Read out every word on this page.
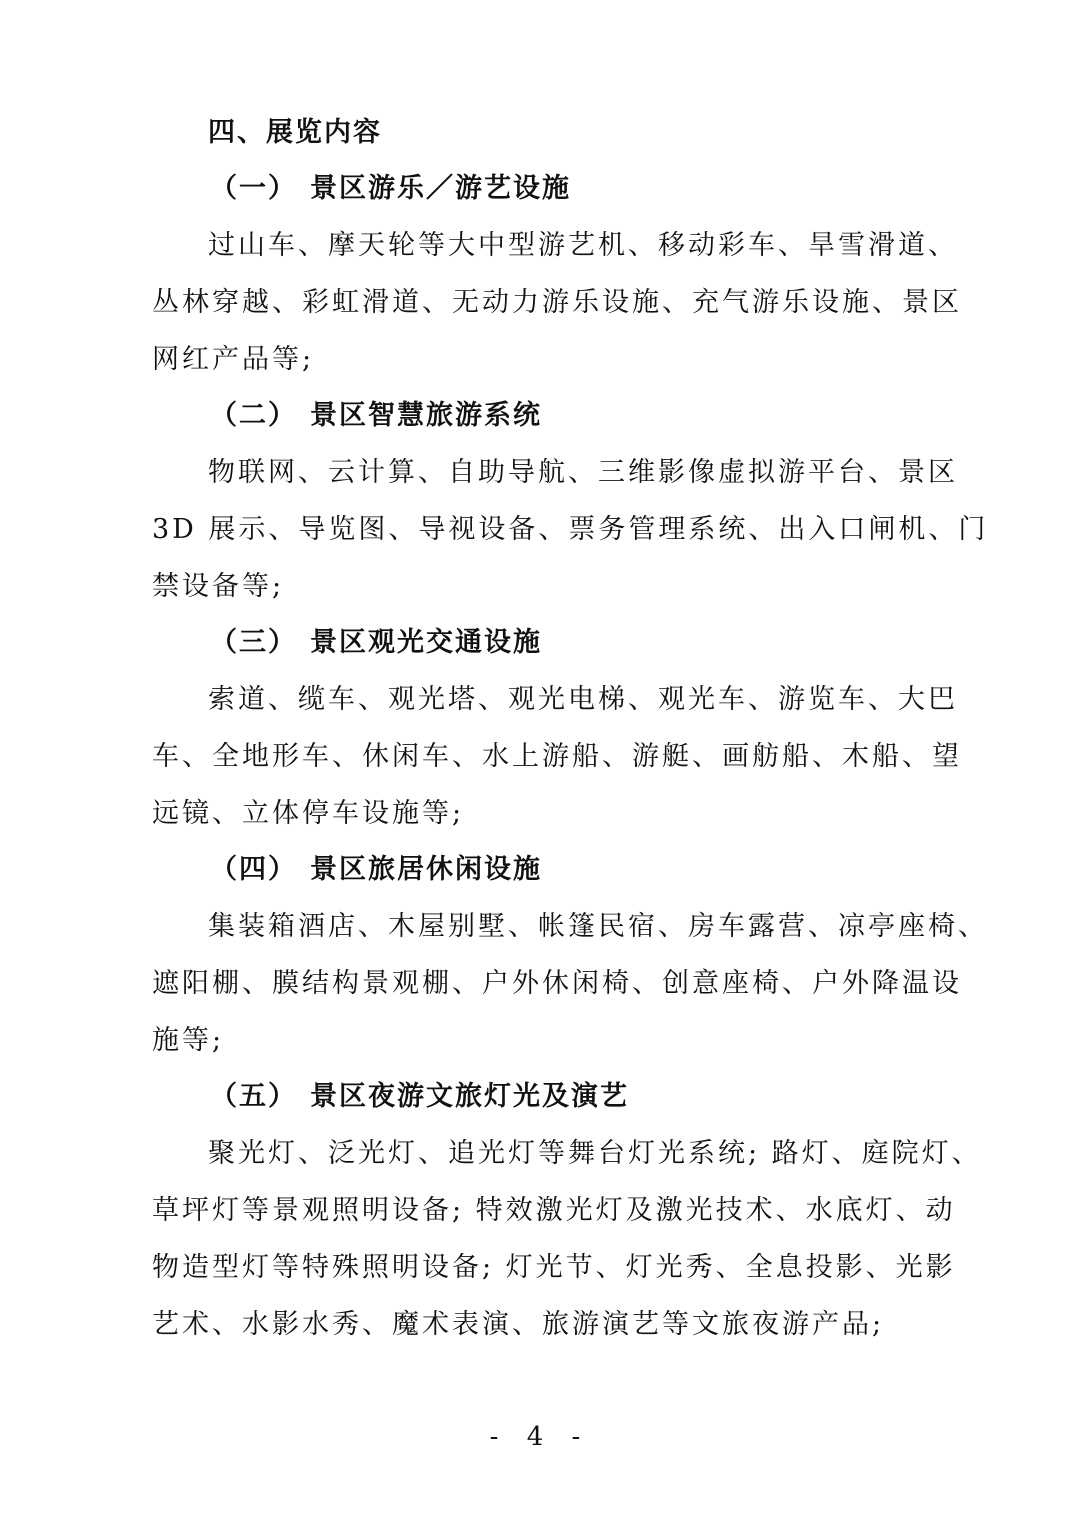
四、展览内容
（一） 景区游乐／游艺设施
过山车、摩天轮等大中型游艺机、移动彩车、旱雪滑道、
丛林穿越、彩虹滑道、无动力游乐设施、充气游乐设施、景区
网红产品等;
（二） 景区智慧旅游系统
物联网、云计算、自助导航、三维影像虚拟游平台、景区
3D 展示、导览图、导视设备、票务管理系统、出入口闸机、门
禁设备等;
（三） 景区观光交通设施
索道、缆车、观光塔、观光电梯、观光车、游览车、大巴
车、全地形车、休闲车、水上游船、游艇、画舫船、木船、望
远镜、立体停车设施等;
（四） 景区旅居休闲设施
集装箱酒店、木屋别墅、帐篷民宿、房车露营、凉亭座椅、
遮阳棚、膜结构景观棚、户外休闲椅、创意座椅、户外降温设
施等;
（五） 景区夜游文旅灯光及演艺
聚光灯、泛光灯、追光灯等舞台灯光系统; 路灯、庭院灯、
草坪灯等景观照明设备; 特效激光灯及激光技术、水底灯、动
物造型灯等特殊照明设备; 灯光节、灯光秀、全息投影、光影
艺术、水影水秀、魔术表演、旅游演艺等文旅夜游产品;
- 4 -
